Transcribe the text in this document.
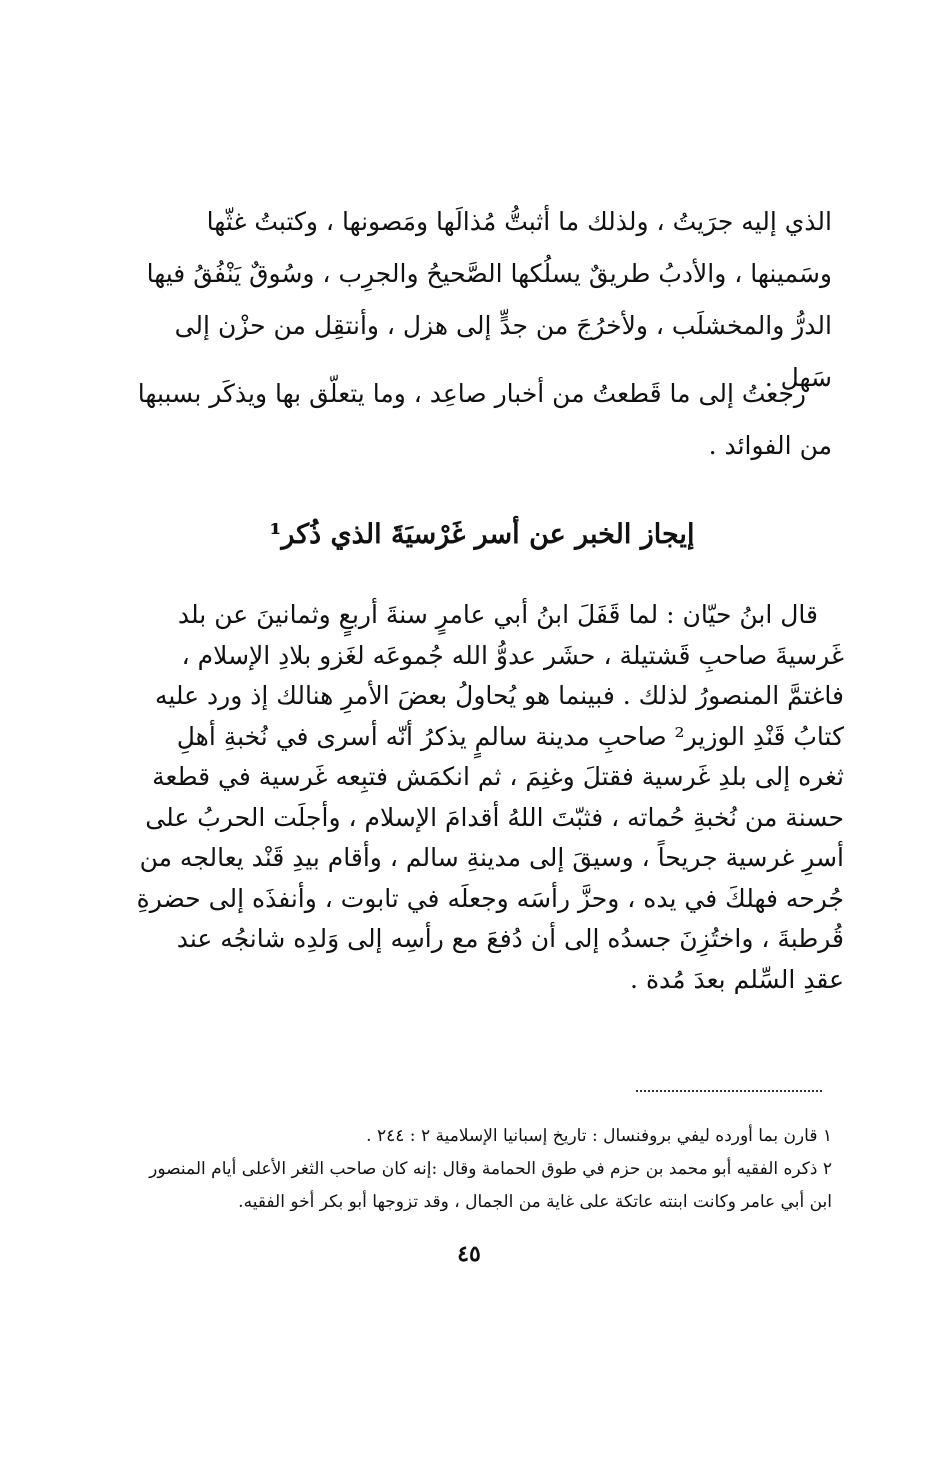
الذي إليه جرَيتُ ، ولذلك ما أثبتُّ مُذالَها ومَصونها ، وكتبتُ غثّها وسَمينها ، والأدبُ طريقٌ يسلُكها الصَّحيحُ والجرِب ، وسُوقٌ يَنْفُقُ فيها الدرُّ والمخشلَب ، ولأخرُجَ من جدٍّ إلى هزل ، وأنتقِل من حزْن إلى سَهل .

رجعتُ إلى ما قَطعتُ من أخبار صاعِد ، وما يتعلّق بها ويذكَر بسببها من الفوائد .

إيجاز الخبر عن أسر غَرْسيَةَ الذي ذُكر¹

قال ابنُ حيّان : لما قَفَلَ ابنُ أبي عامرٍ سنةَ أربعٍ وثمانينَ عن بلد غَرسيةَ صاحبِ قَشتيلة ، حشَر عدوُّ الله جُموعَه لغَزو بلادِ الإسلام ، فاغتمَّ المنصورُ لذلك . فبينما هو يُحاولُ بعضَ الأمرِ هنالك إذ ورد عليه كتابُ قَنْدِ الوزير² صاحبِ مدينة سالمٍ يذكرُ أنّه أسرى في نُخبةِ أهلِ ثغره إلى بلدِ غَرسية فقتلَ وغنِمَ ، ثم انكمَش فتبِعه غَرسية في قطعة حسنة من نُخبةِ حُماته ، فثبّتَ اللهُ أقدامَ الإسلام ، وأجلَت الحربُ على أسرِ غرسية جريحاً ، وسيقَ إلى مدينةِ سالم ، وأقام بيدِ قَنْد يعالجه من جُرحه فهلكَ في يده ، وحزَّ رأسَه وجعلَه في تابوت ، وأنفذَه إلى حضرةِ قُرطبةَ ، واختُزِنَ جسدُه إلى أن دُفعَ مع رأسِه إلى وَلدِه شانجُه عند عقدِ السِّلم بعدَ مُدة .

١ قارن بما أورده ليفي بروفنسال : تاريخ إسبانيا الإسلامية ٢ : ٢٤٤ .

٢ ذكره الفقيه أبو محمد بن حزم في طوق الحمامة وقال :إنه كان صاحب الثغر الأعلى أيام المنصور

ابن أبي عامر وكانت ابنته عاتكة على غاية من الجمال ، وقد تزوجها أبو بكر أخو الفقيه.

٤٥
